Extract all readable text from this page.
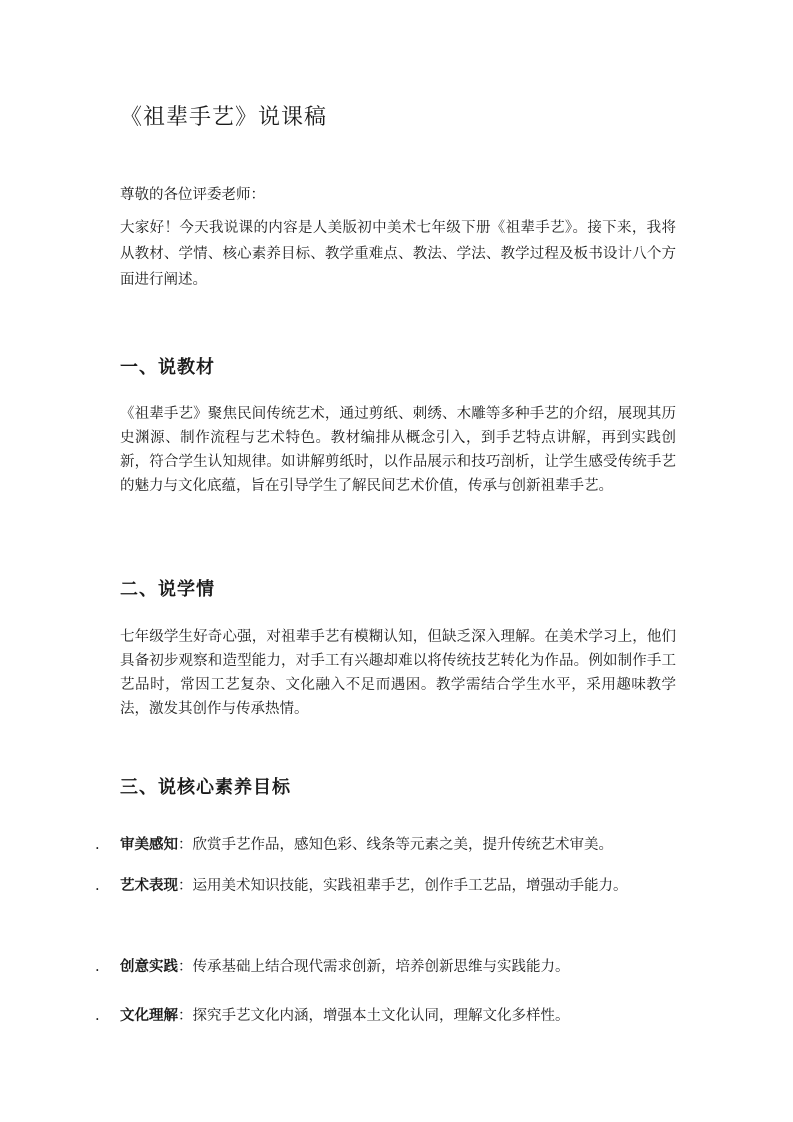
《祖辈手艺》说课稿

尊敬的各位评委老师：

大家好！今天我说课的内容是人美版初中美术七年级下册《祖辈手艺》。接下来，我将从教材、学情、核心素养目标、教学重难点、教法、学法、教学过程及板书设计八个方面进行阐述。

一、说教材

《祖辈手艺》聚焦民间传统艺术，通过剪纸、刺绣、木雕等多种手艺的介绍，展现其历史渊源、制作流程与艺术特色。教材编排从概念引入，到手艺特点讲解，再到实践创新，符合学生认知规律。如讲解剪纸时，以作品展示和技巧剖析，让学生感受传统手艺的魅力与文化底蕴，旨在引导学生了解民间艺术价值，传承与创新祖辈手艺。

二、说学情

七年级学生好奇心强，对祖辈手艺有模糊认知，但缺乏深入理解。在美术学习上，他们具备初步观察和造型能力，对手工有兴趣却难以将传统技艺转化为作品。例如制作手工艺品时，常因工艺复杂、文化融入不足而遇困。教学需结合学生水平，采用趣味教学法，激发其创作与传承热情。

三、说核心素养目标
. 审美感知：欣赏手艺作品，感知色彩、线条等元素之美，提升传统艺术审美。
. 艺术表现：运用美术知识技能，实践祖辈手艺，创作手工艺品，增强动手能力。
. 创意实践：传承基础上结合现代需求创新，培养创新思维与实践能力。
. 文化理解：探究手艺文化内涵，增强本土文化认同，理解文化多样性。
